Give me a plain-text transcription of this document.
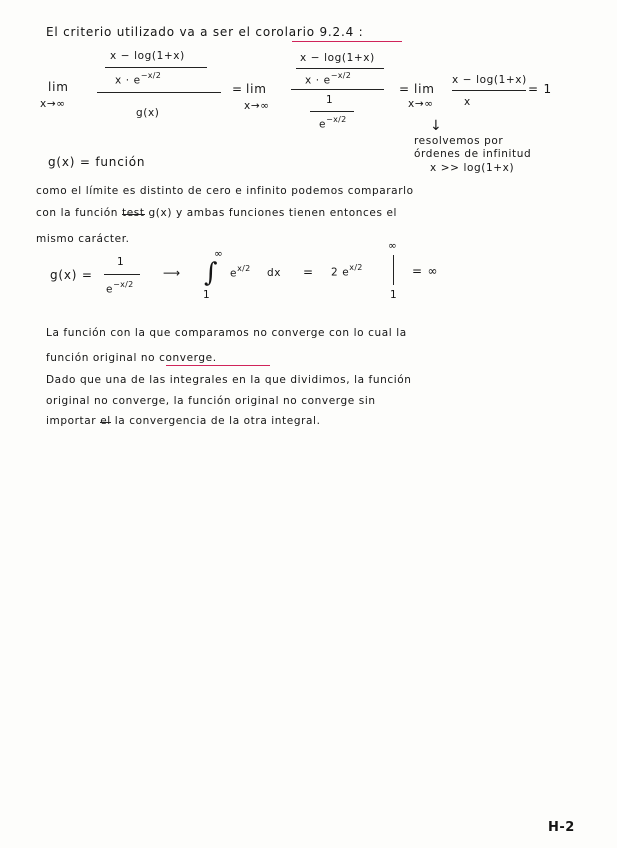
El criterio utilizado va a ser el corolario 9.2.4 :
lim
x→∞
x − log(1+x)
$x \cdot e^{-x/2}$
g(x)
= lim
x→∞
x − log(1+x)
$x \cdot e^{-x/2}$
1
$e^{-x/2}$
= lim
x→∞
x − log(1+x)
x
= 1
↓
resolvemos por
órdenes de infinitud
x >> log(1+x)
g(x) = función
como el límite es distinto de cero e infinito podemos compararlo
con la función test g(x) y ambas funciones tienen entonces el
mismo carácter.
g(x) =
1
$e^{-x/2}$
⟶
∞
∫
1
$e^{x/2}$ dx = 2 $e^{x/2}$
∞
1
= ∞
La función con la que comparamos no converge con lo cual la
función original no converge.
Dado que una de las integrales en la que dividimos, la función
original no converge, la función original no converge sin
importar el la convergencia de la otra integral.
H-2
